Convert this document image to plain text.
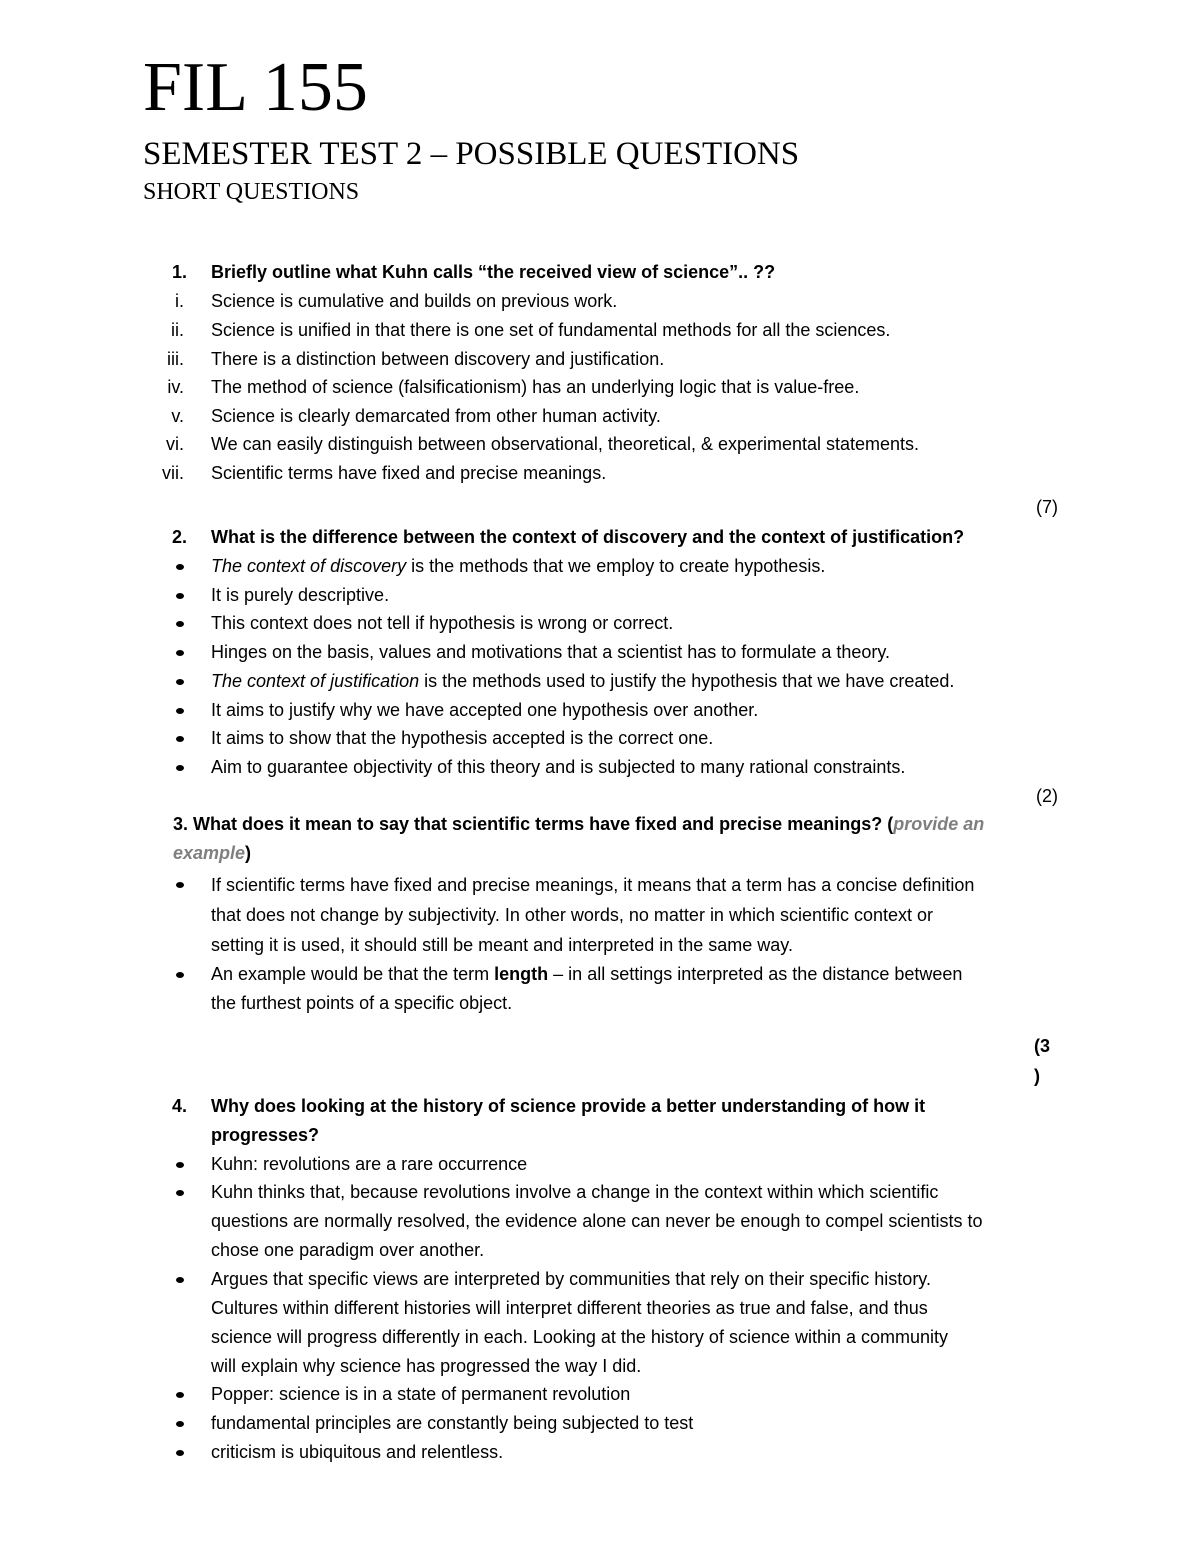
FIL 155
SEMESTER TEST 2 – POSSIBLE QUESTIONS
SHORT QUESTIONS
1. Briefly outline what Kuhn calls “the received view of science”.. ??
i. Science is cumulative and builds on previous work.
ii. Science is unified in that there is one set of fundamental methods for all the sciences.
iii. There is a distinction between discovery and justification.
iv. The method of science (falsificationism) has an underlying logic that is value-free.
v. Science is clearly demarcated from other human activity.
vi. We can easily distinguish between observational, theoretical, & experimental statements.
vii. Scientific terms have fixed and precise meanings.
(7)
2. What is the difference between the context of discovery and the context of justification?
The context of discovery is the methods that we employ to create hypothesis.
It is purely descriptive.
This context does not tell if hypothesis is wrong or correct.
Hinges on the basis, values and motivations that a scientist has to formulate a theory.
The context of justification is the methods used to justify the hypothesis that we have created.
It aims to justify why we have accepted one hypothesis over another.
It aims to show that the hypothesis accepted is the correct one.
Aim to guarantee objectivity of this theory and is subjected to many rational constraints.
(2)
3. What does it mean to say that scientific terms have fixed and precise meanings? (provide an
example)
If scientific terms have fixed and precise meanings, it means that a term has a concise definition
that does not change by subjectivity. In other words, no matter in which scientific context or
setting it is used, it should still be meant and interpreted in the same way.
An example would be that the term length – in all settings interpreted as the distance between
the furthest points of a specific object.
(3
)
4. Why does looking at the history of science provide a better understanding of how it
progresses?
Kuhn: revolutions are a rare occurrence
Kuhn thinks that, because revolutions involve a change in the context within which scientific
questions are normally resolved, the evidence alone can never be enough to compel scientists to
chose one paradigm over another.
Argues that specific views are interpreted by communities that rely on their specific history.
Cultures within different histories will interpret different theories as true and false, and thus
science will progress differently in each. Looking at the history of science within a community
will explain why science has progressed the way I did.
Popper: science is in a state of permanent revolution
fundamental principles are constantly being subjected to test
criticism is ubiquitous and relentless.
